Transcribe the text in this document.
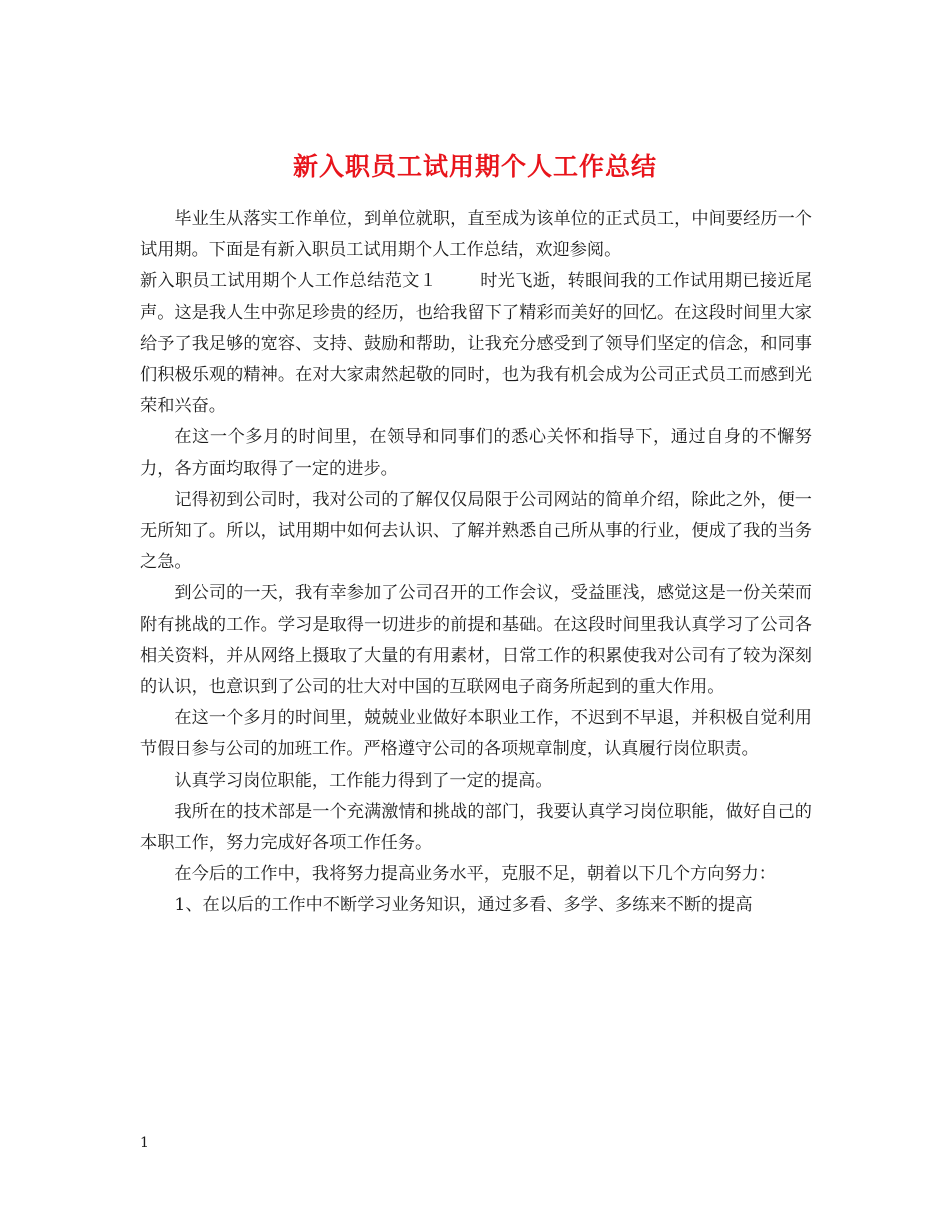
新入职员工试用期个人工作总结

毕业生从落实工作单位，到单位就职，直至成为该单位的正式员工，中间要经历一个试用期。下面是有新入职员工试用期个人工作总结，欢迎参阅。

新入职员工试用期个人工作总结范文１	时光飞逝，转眼间我的工作试用期已接近尾声。这是我人生中弥足珍贵的经历，也给我留下了精彩而美好的回忆。在这段时间里大家给予了我足够的宽容、支持、鼓励和帮助，让我充分感受到了领导们坚定的信念，和同事们积极乐观的精神。在对大家肃然起敬的同时，也为我有机会成为公司正式员工而感到光荣和兴奋。

在这一个多月的时间里，在领导和同事们的悉心关怀和指导下，通过自身的不懈努力，各方面均取得了一定的进步。

记得初到公司时，我对公司的了解仅仅局限于公司网站的简单介绍，除此之外，便一无所知了。所以，试用期中如何去认识、了解并熟悉自己所从事的行业，便成了我的当务之急。

到公司的一天，我有幸参加了公司召开的工作会议，受益匪浅，感觉这是一份关荣而附有挑战的工作。学习是取得一切进步的前提和基础。在这段时间里我认真学习了公司各相关资料，并从网络上摄取了大量的有用素材，日常工作的积累使我对公司有了较为深刻的认识，也意识到了公司的壮大对中国的互联网电子商务所起到的重大作用。

在这一个多月的时间里，兢兢业业做好本职业工作，不迟到不早退，并积极自觉利用节假日参与公司的加班工作。严格遵守公司的各项规章制度，认真履行岗位职责。

认真学习岗位职能，工作能力得到了一定的提高。

我所在的技术部是一个充满激情和挑战的部门，我要认真学习岗位职能，做好自己的本职工作，努力完成好各项工作任务。

在今后的工作中，我将努力提高业务水平，克服不足，朝着以下几个方向努力：

1、在以后的工作中不断学习业务知识，通过多看、多学、多练来不断的提高

1
